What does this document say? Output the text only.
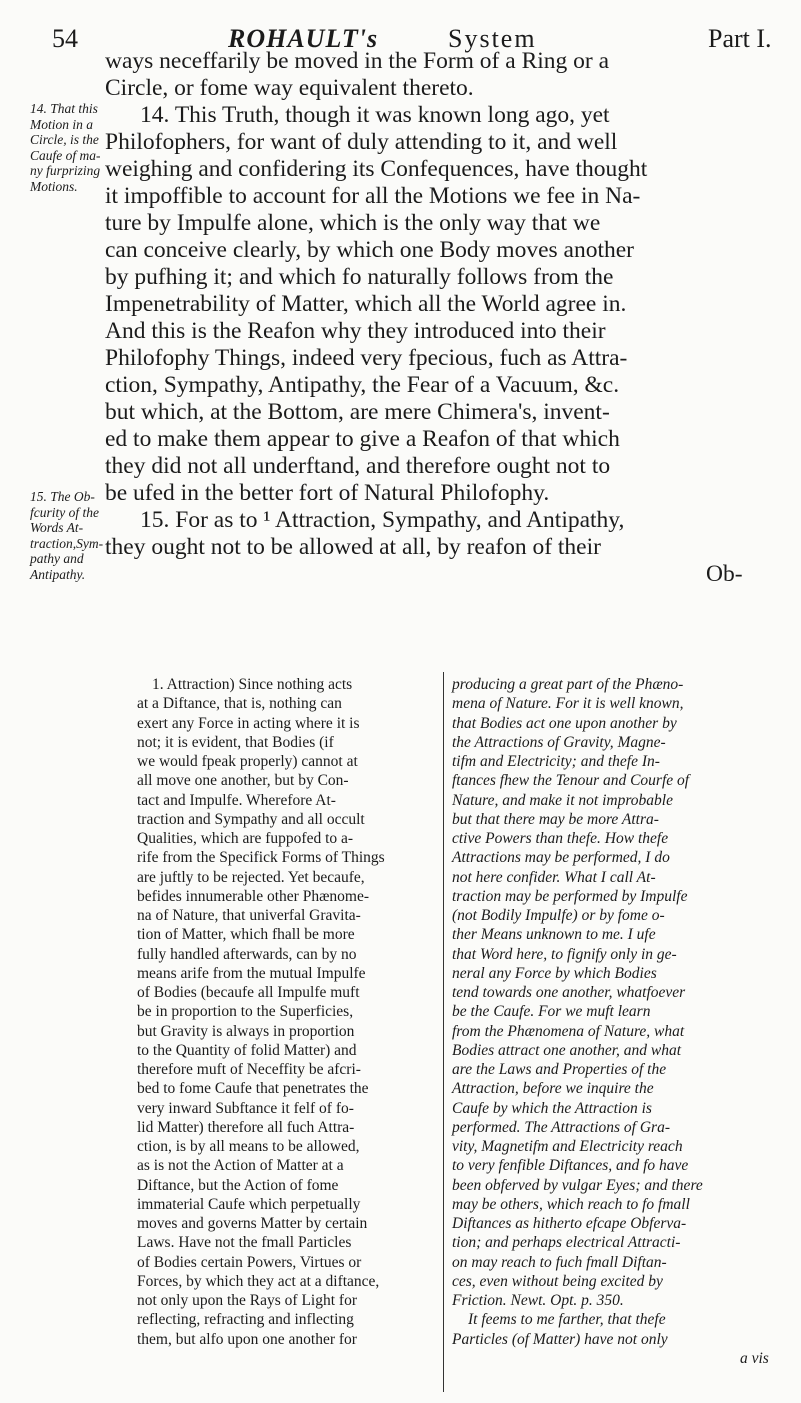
54	ROHAULT's	System	Part I.
14. That this
Motion in a
Circle, is the
Caufe of ma-
ny furprizing
Motions.
15. The Ob-
fcurity of the
Words At-
traction,Sym-
pathy and
Antipathy.
ways neceffarily be moved in the Form of a Ring or a
Circle, or fome way equivalent thereto.
14. This Truth, though it was known long ago, yet
Philofophers, for want of duly attending to it, and well
weighing and confidering its Confequences, have thought
it impoffible to account for all the Motions we fee in Na-
ture by Impulfe alone, which is the only way that we
can conceive clearly, by which one Body moves another
by pufhing it; and which fo naturally follows from the
Impenetrability of Matter, which all the World agree in.
And this is the Reafon why they introduced into their
Philofophy Things, indeed very fpecious, fuch as Attra-
ction, Sympathy, Antipathy, the Fear of a Vacuum, &c.
but which, at the Bottom, are mere Chimera's, invent-
ed to make them appear to give a Reafon of that which
they did not all underftand, and therefore ought not to
be ufed in the better fort of Natural Philofophy.
15. For as to ¹ Attraction, Sympathy, and Antipathy,
they ought not to be allowed at all, by reafon of their
Ob-
1. Attraction) Since nothing acts
at a Diftance, that is, nothing can
exert any Force in acting where it is
not; it is evident, that Bodies (if
we would fpeak properly) cannot at
all move one another, but by Con-
tact and Impulfe. Wherefore At-
traction and Sympathy and all occult
Qualities, which are fuppofed to a-
rife from the Specifick Forms of Things
are juftly to be rejected. Yet becaufe,
befides innumerable other Phænome-
na of Nature, that univerfal Gravita-
tion of Matter, which fhall be more
fully handled afterwards, can by no
means arife from the mutual Impulfe
of Bodies (becaufe all Impulfe muft
be in proportion to the Superficies,
but Gravity is always in proportion
to the Quantity of folid Matter) and
therefore muft of Neceffity be afcri-
bed to fome Caufe that penetrates the
very inward Subftance it felf of fo-
lid Matter) therefore all fuch Attra-
ction, is by all means to be allowed,
as is not the Action of Matter at a
Diftance, but the Action of fome
immaterial Caufe which perpetually
moves and governs Matter by certain
Laws. Have not the fmall Particles
of Bodies certain Powers, Virtues or
Forces, by which they act at a diftance,
not only upon the Rays of Light for
reflecting, refracting and inflecting
them, but alfo upon one another for
producing a great part of the Phæno-
mena of Nature. For it is well known,
that Bodies act one upon another by
the Attractions of Gravity, Magne-
tifm and Electricity; and thefe In-
ftances fhew the Tenour and Courfe of
Nature, and make it not improbable
but that there may be more Attra-
ctive Powers than thefe. How thefe
Attractions may be performed, I do
not here confider. What I call At-
traction may be performed by Impulfe
(not Bodily Impulfe) or by fome o-
ther Means unknown to me. I ufe
that Word here, to fignify only in ge-
neral any Force by which Bodies
tend towards one another, whatfoever
be the Caufe. For we muft learn
from the Phænomena of Nature, what
Bodies attract one another, and what
are the Laws and Properties of the
Attraction, before we inquire the
Caufe by which the Attraction is
performed. The Attractions of Gra-
vity, Magnetifm and Electricity reach
to very fenfible Diftances, and fo have
been obferved by vulgar Eyes; and there
may be others, which reach to fo fmall
Diftances as hitherto efcape Obferva-
tion; and perhaps electrical Attracti-
on may reach to fuch fmall Diftan-
ces, even without being excited by
Friction. Newt. Opt. p. 350.
It feems to me farther, that thefe
Particles (of Matter) have not only
a vis
